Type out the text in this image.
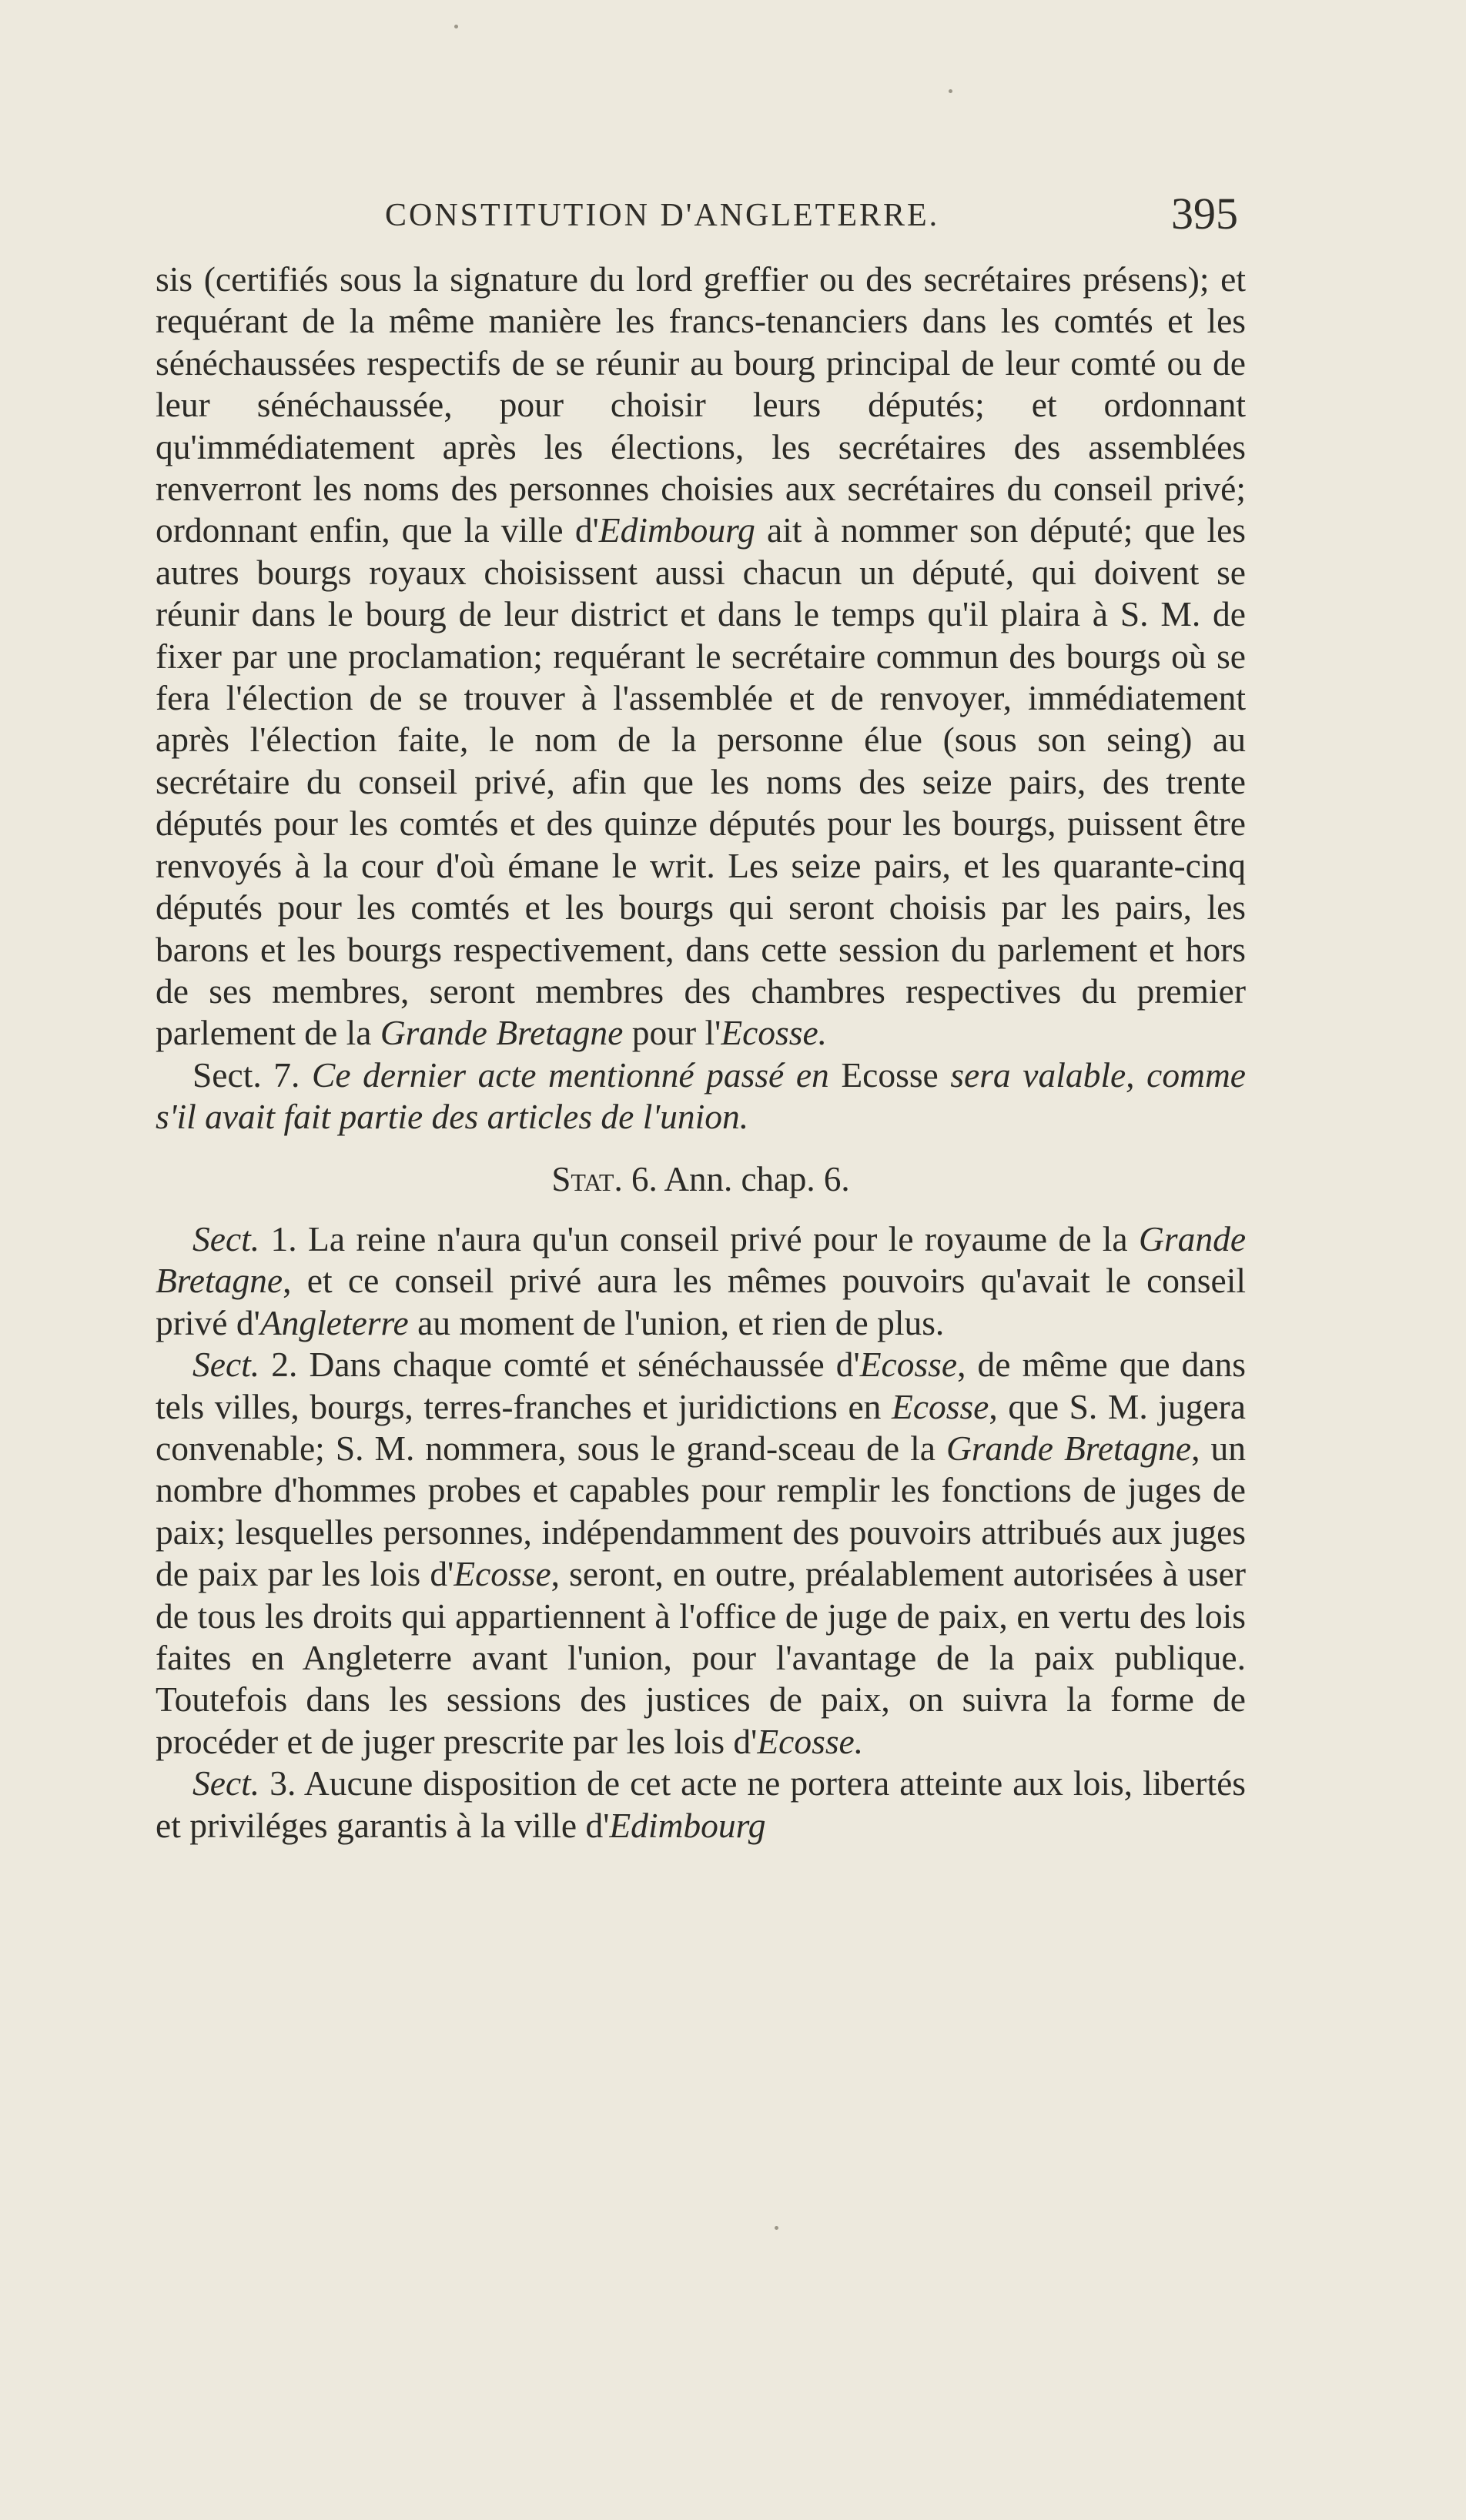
CONSTITUTION D'ANGLETERRE.	395

sis (certifiés sous la signature du lord greffier ou des secrétaires présens); et requérant de la même manière les francs-tenanciers dans les comtés et les sénéchaussées respectifs de se réunir au bourg principal de leur comté ou de leur sénéchaussée, pour choisir leurs députés; et ordonnant qu'immédiatement après les élections, les secrétaires des assemblées renverront les noms des personnes choisies aux secrétaires du conseil privé; ordonnant enfin, que la ville d'Edimbourg ait à nommer son député; que les autres bourgs royaux choisissent aussi chacun un député, qui doivent se réunir dans le bourg de leur district et dans le temps qu'il plaira à S. M. de fixer par une proclamation; requérant le secrétaire commun des bourgs où se fera l'élection de se trouver à l'assemblée et de renvoyer, immédiatement après l'élection faite, le nom de la personne élue (sous son seing) au secrétaire du conseil privé, afin que les noms des seize pairs, des trente députés pour les comtés et des quinze députés pour les bourgs, puissent être renvoyés à la cour d'où émane le writ. Les seize pairs, et les quarante-cinq députés pour les comtés et les bourgs qui seront choisis par les pairs, les barons et les bourgs respectivement, dans cette session du parlement et hors de ses membres, seront membres des chambres respectives du premier parlement de la Grande Bretagne pour l'Ecosse.

Sect. 7. Ce dernier acte mentionné passé en Ecosse sera valable, comme s'il avait fait partie des articles de l'union.

Stat. 6. Ann. chap. 6.

Sect. 1. La reine n'aura qu'un conseil privé pour le royaume de la Grande Bretagne, et ce conseil privé aura les mêmes pouvoirs qu'avait le conseil privé d'Angleterre au moment de l'union, et rien de plus.

Sect. 2. Dans chaque comté et sénéchaussée d'Ecosse, de même que dans tels villes, bourgs, terres-franches et juridictions en Ecosse, que S. M. jugera convenable; S. M. nommera, sous le grand-sceau de la Grande Bretagne, un nombre d'hommes probes et capables pour remplir les fonctions de juges de paix; lesquelles personnes, indépendamment des pouvoirs attribués aux juges de paix par les lois d'Ecosse, seront, en outre, préalablement autorisées à user de tous les droits qui appartiennent à l'office de juge de paix, en vertu des lois faites en Angleterre avant l'union, pour l'avantage de la paix publique. Toutefois dans les sessions des justices de paix, on suivra la forme de procéder et de juger prescrite par les lois d'Ecosse.

Sect. 3. Aucune disposition de cet acte ne portera atteinte aux lois, libertés et priviléges garantis à la ville d'Edimbourg
